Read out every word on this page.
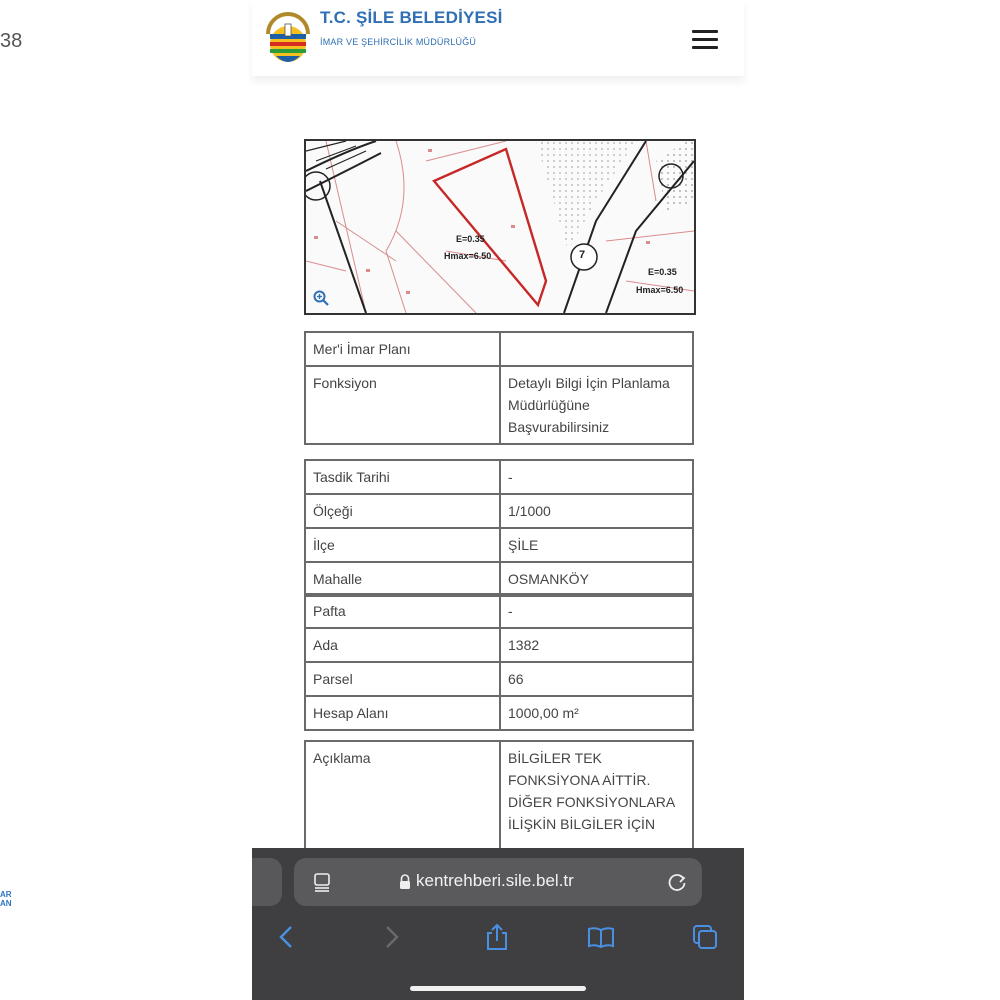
38
AR AN
T.C. ŞİLE BELEDİYESİ
İMAR VE ŞEHİRCİLİK MÜDÜRLÜĞÜ
E=0.35
Hmax=6.50	7
E=0.35
Hmax=6.50
Mer'i İmar Planı	
Fonksiyon	Detaylı Bilgi İçin Planlama Müdürlüğüne Başvurabilirsiniz
Tasdik Tarihi	-
Ölçeği	1/1000
İlçe	ŞİLE
Mahalle	OSMANKÖY
Pafta	-
Ada	1382
Parsel	66
Hesap Alanı	1000,00 m²
Açıklama	BİLGİLER TEK FONKSİYONA AİTTİR. DİĞER FONKSİYONLARA İLİŞKİN BİLGİLER İÇİN
kentrehberi.sile.bel.tr
